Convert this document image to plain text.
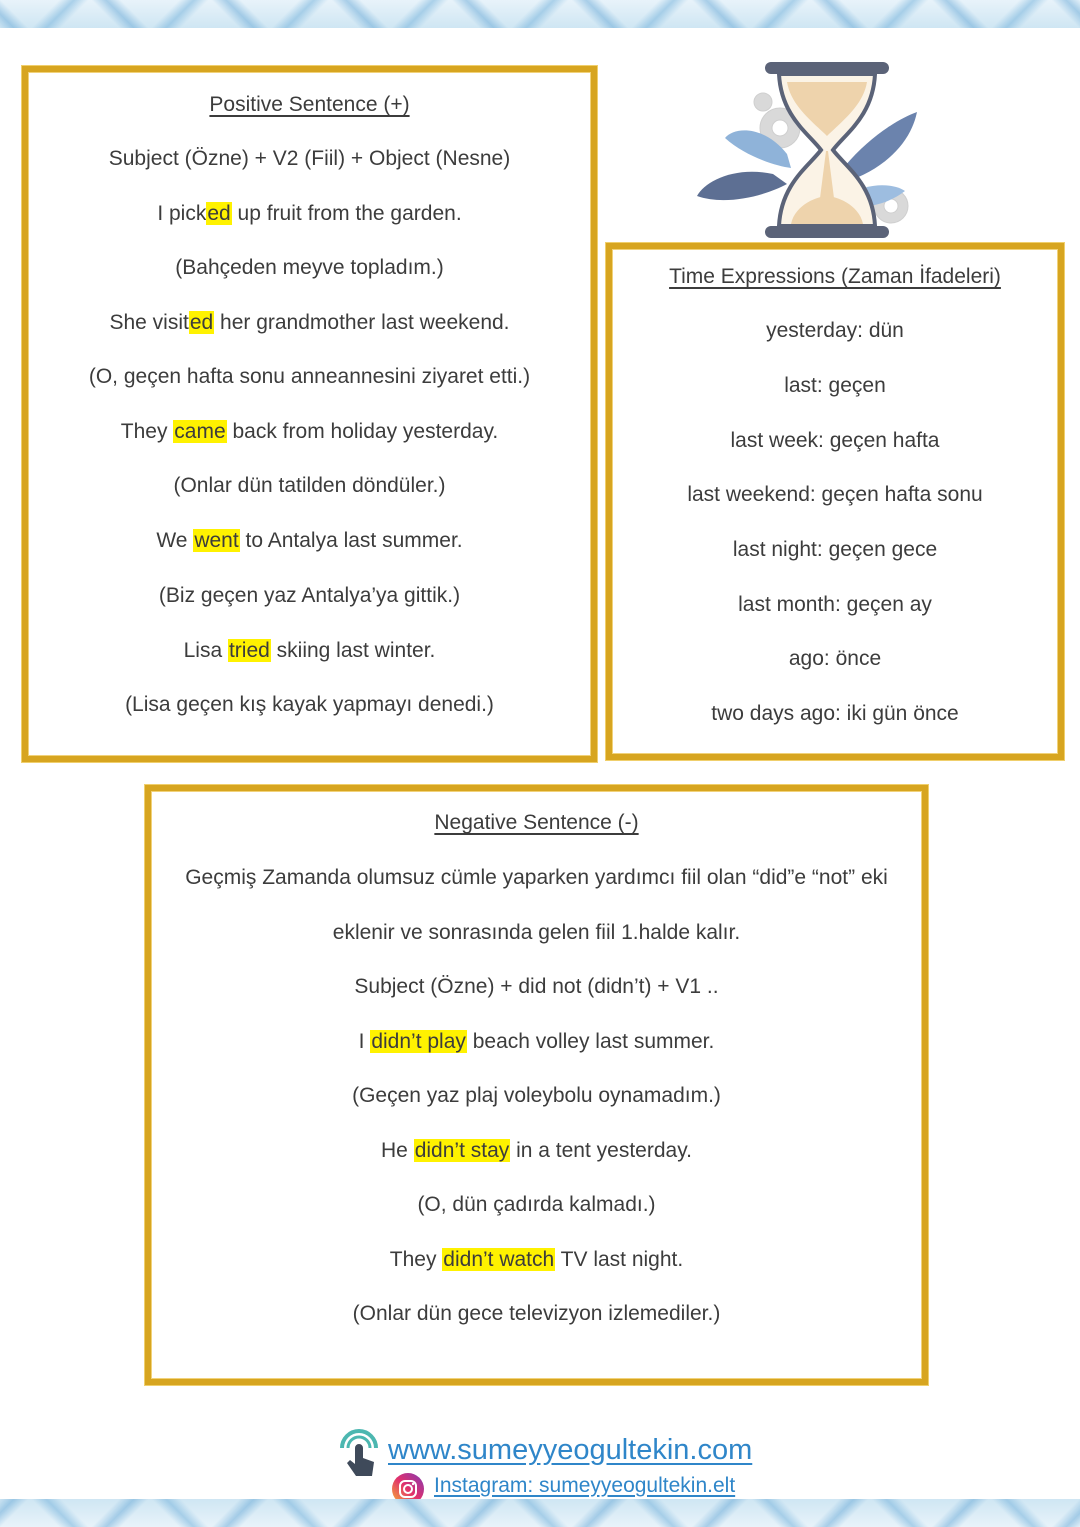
Positive Sentence (+)
Subject (Özne) + V2 (Fiil) + Object (Nesne)
I picked up fruit from the garden.
(Bahçeden meyve topladım.)
She visited her grandmother last weekend.
(O, geçen hafta sonu anneannesini ziyaret etti.)
They came back from holiday yesterday.
(Onlar dün tatilden döndüler.)
We went to Antalya last summer.
(Biz geçen yaz Antalya’ya gittik.)
Lisa tried skiing last winter.
(Lisa geçen kış kayak yapmayı denedi.)
Time Expressions (Zaman İfadeleri)
yesterday: dün
last: geçen
last week: geçen hafta
last weekend: geçen hafta sonu
last night: geçen gece
last month: geçen ay
ago: önce
two days ago: iki gün önce
Negative Sentence (-)
Geçmiş Zamanda olumsuz cümle yaparken yardımcı fiil olan “did”e “not” eki
eklenir ve sonrasında gelen fiil 1.halde kalır.
Subject (Özne) + did not (didn’t) + V1 ..
I didn’t play beach volley last summer.
(Geçen yaz plaj voleybolu oynamadım.)
He didn’t stay in a tent yesterday.
(O, dün çadırda kalmadı.)
They didn’t watch TV last night.
(Onlar dün gece televizyon izlemediler.)
www.sumeyyeogultekin.com
Instagram: sumeyyeogultekin.elt
